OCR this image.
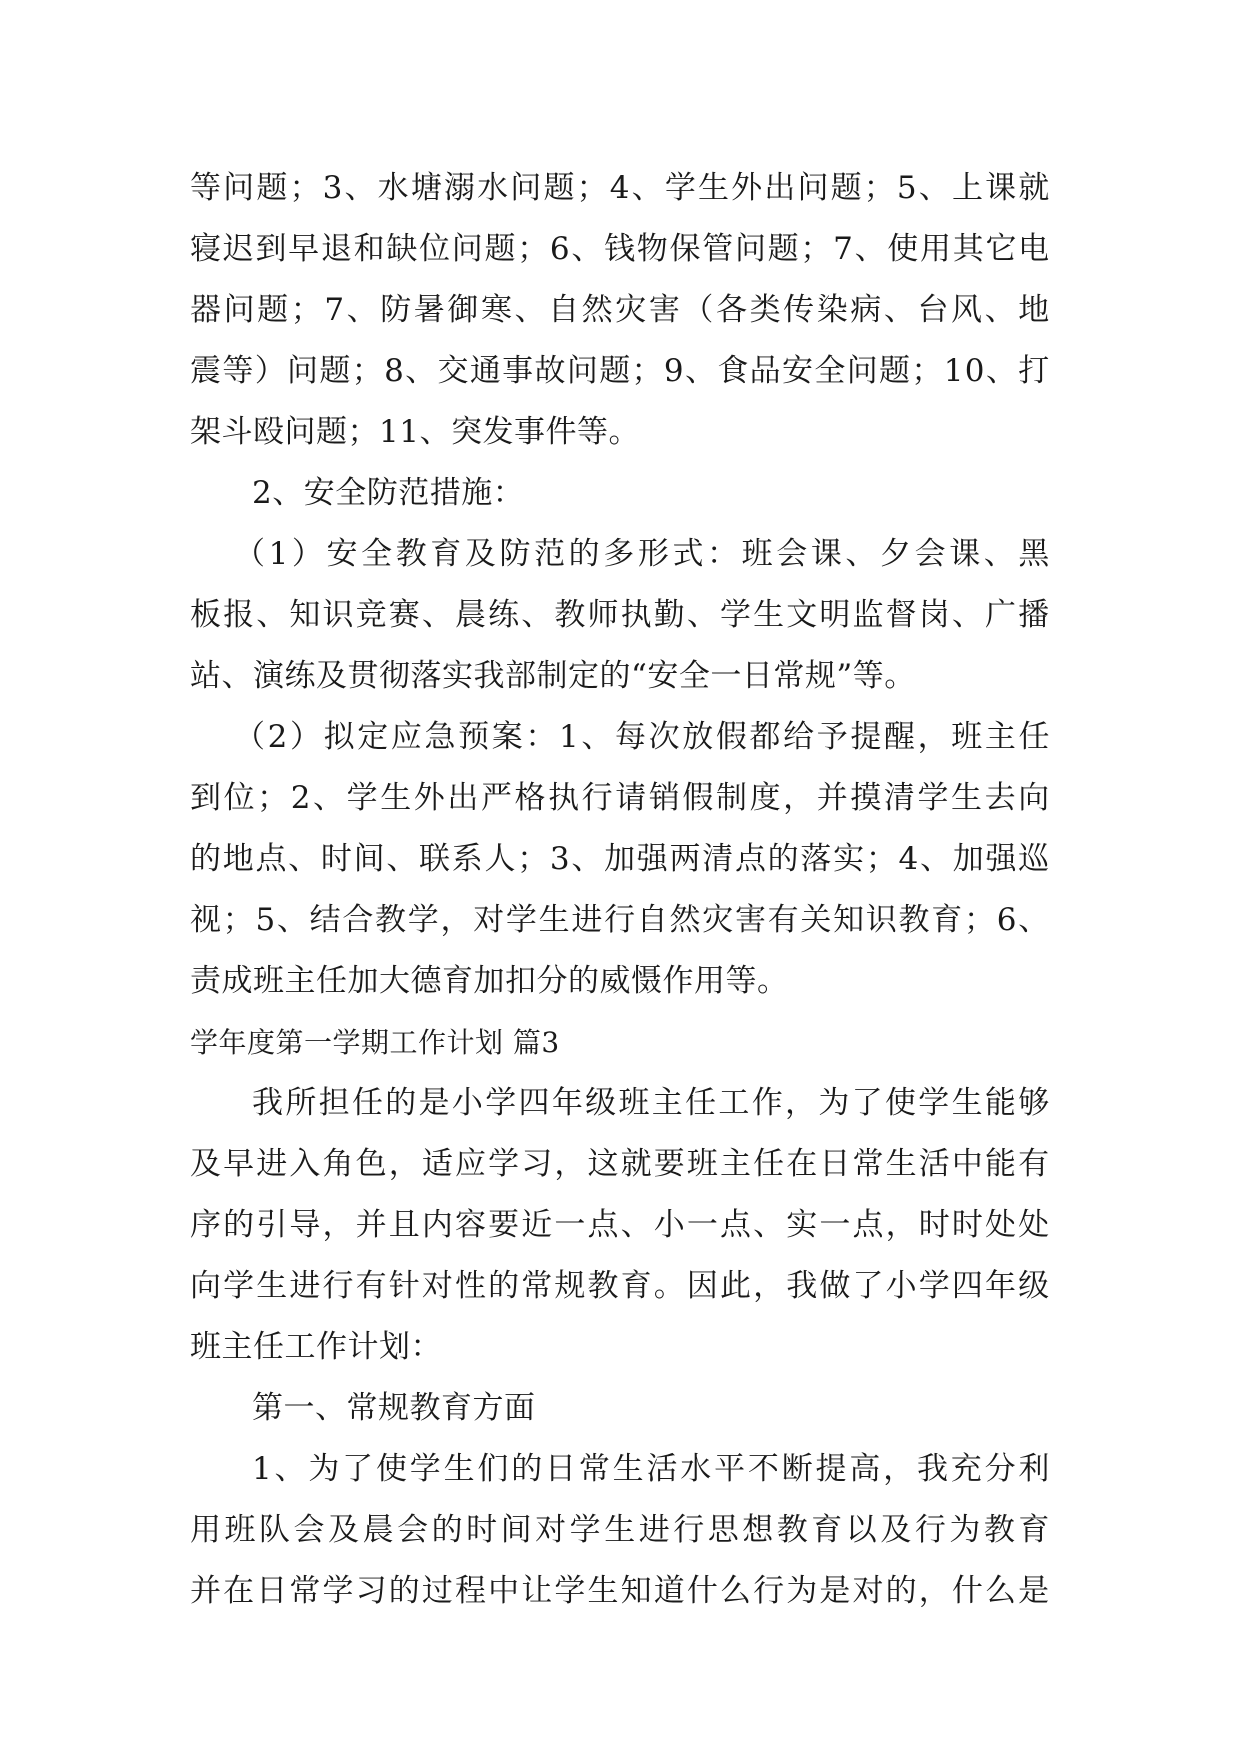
等 问 题 ； 3 、 水 塘 溺 水 问 题 ； 4 、 学 生 外 出 问 题 ； 5 、 上 课 就
寝 迟 到 早 退 和 缺 位 问 题 ； 6 、 钱 物 保 管 问 题 ； 7 、 使 用 其 它 电
器 问 题 ； 7 、 防 暑 御 寒 、 自 然 灾 害 （ 各 类 传 染 病 、 台 风 、 地
震 等 ） 问 题 ； 8 、 交 通 事 故 问 题 ； 9 、 食 品 安 全 问 题 ； 1 0 、 打
架斗殴问题；11、突发事件等。
2、安全防范措施：
（ 1 ） 安 全 教 育 及 防 范 的 多 形 式 ： 班 会 课 、 夕 会 课 、 黑
板 报 、 知 识 竞 赛 、 晨 练 、 教 师 执 勤 、 学 生 文 明 监 督 岗 、 广 播
站、演练及贯彻落实我部制定的“安全一日常规”等。
（ 2 ） 拟 定 应 急 预 案 ： 1 、 每 次 放 假 都 给 予 提 醒 ， 班 主 任
到 位 ； 2 、 学 生 外 出 严 格 执 行 请 销 假 制 度 ， 并 摸 清 学 生 去 向
的 地 点 、 时 间 、 联 系 人 ； 3 、 加 强 两 清 点 的 落 实 ； 4 、 加 强 巡
视 ； 5 、 结 合 教 学 ， 对 学 生 进 行 自 然 灾 害 有 关 知 识 教 育 ； 6 、
责成班主任加大德育加扣分的威慑作用等。
学年度第一学期工作计划 篇3
我 所 担 任 的 是 小 学 四 年 级 班 主 任 工 作 ， 为 了 使 学 生 能 够
及 早 进 入 角 色 ， 适 应 学 习 ， 这 就 要 班 主 任 在 日 常 生 活 中 能 有
序 的 引 导 ， 并 且 内 容 要 近 一 点 、 小 一 点 、 实 一 点 ， 时 时 处 处
向 学 生 进 行 有 针 对 性 的 常 规 教 育 。 因 此 ， 我 做 了 小 学 四 年 级
班主任工作计划：
第一、常规教育方面
1 、 为 了 使 学 生 们 的 日 常 生 活 水 平 不 断 提 高 ， 我 充 分 利
用 班 队 会 及 晨 会 的 时 间 对 学 生 进 行 思 想 教 育 以 及 行 为 教 育
并 在 日 常 学 习 的 过 程 中 让 学 生 知 道 什 么 行 为 是 对 的 ， 什 么 是
